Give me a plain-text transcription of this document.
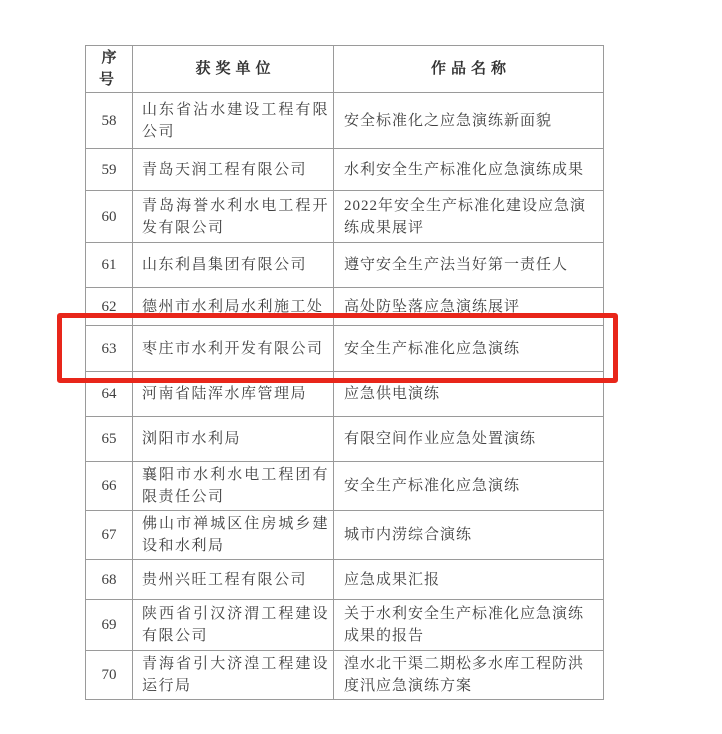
序号	获奖单位	作品名称
58	山东省沾水建设工程有限公司	安全标准化之应急演练新面貌
59	青岛天润工程有限公司	水利安全生产标准化应急演练成果
60	青岛海誉水利水电工程开发有限公司	2022年安全生产标准化建设应急演练成果展评
61	山东利昌集团有限公司	遵守安全生产法当好第一责任人
62	德州市水利局水利施工处	高处防坠落应急演练展评
63	枣庄市水利开发有限公司	安全生产标准化应急演练
64	河南省陆浑水库管理局	应急供电演练
65	浏阳市水利局	有限空间作业应急处置演练
66	襄阳市水利水电工程团有限责任公司	安全生产标准化应急演练
67	佛山市禅城区住房城乡建设和水利局	城市内涝综合演练
68	贵州兴旺工程有限公司	应急成果汇报
69	陕西省引汉济渭工程建设有限公司	关于水利安全生产标准化应急演练成果的报告
70	青海省引大济湟工程建设运行局	湟水北干渠二期松多水库工程防洪度汛应急演练方案
